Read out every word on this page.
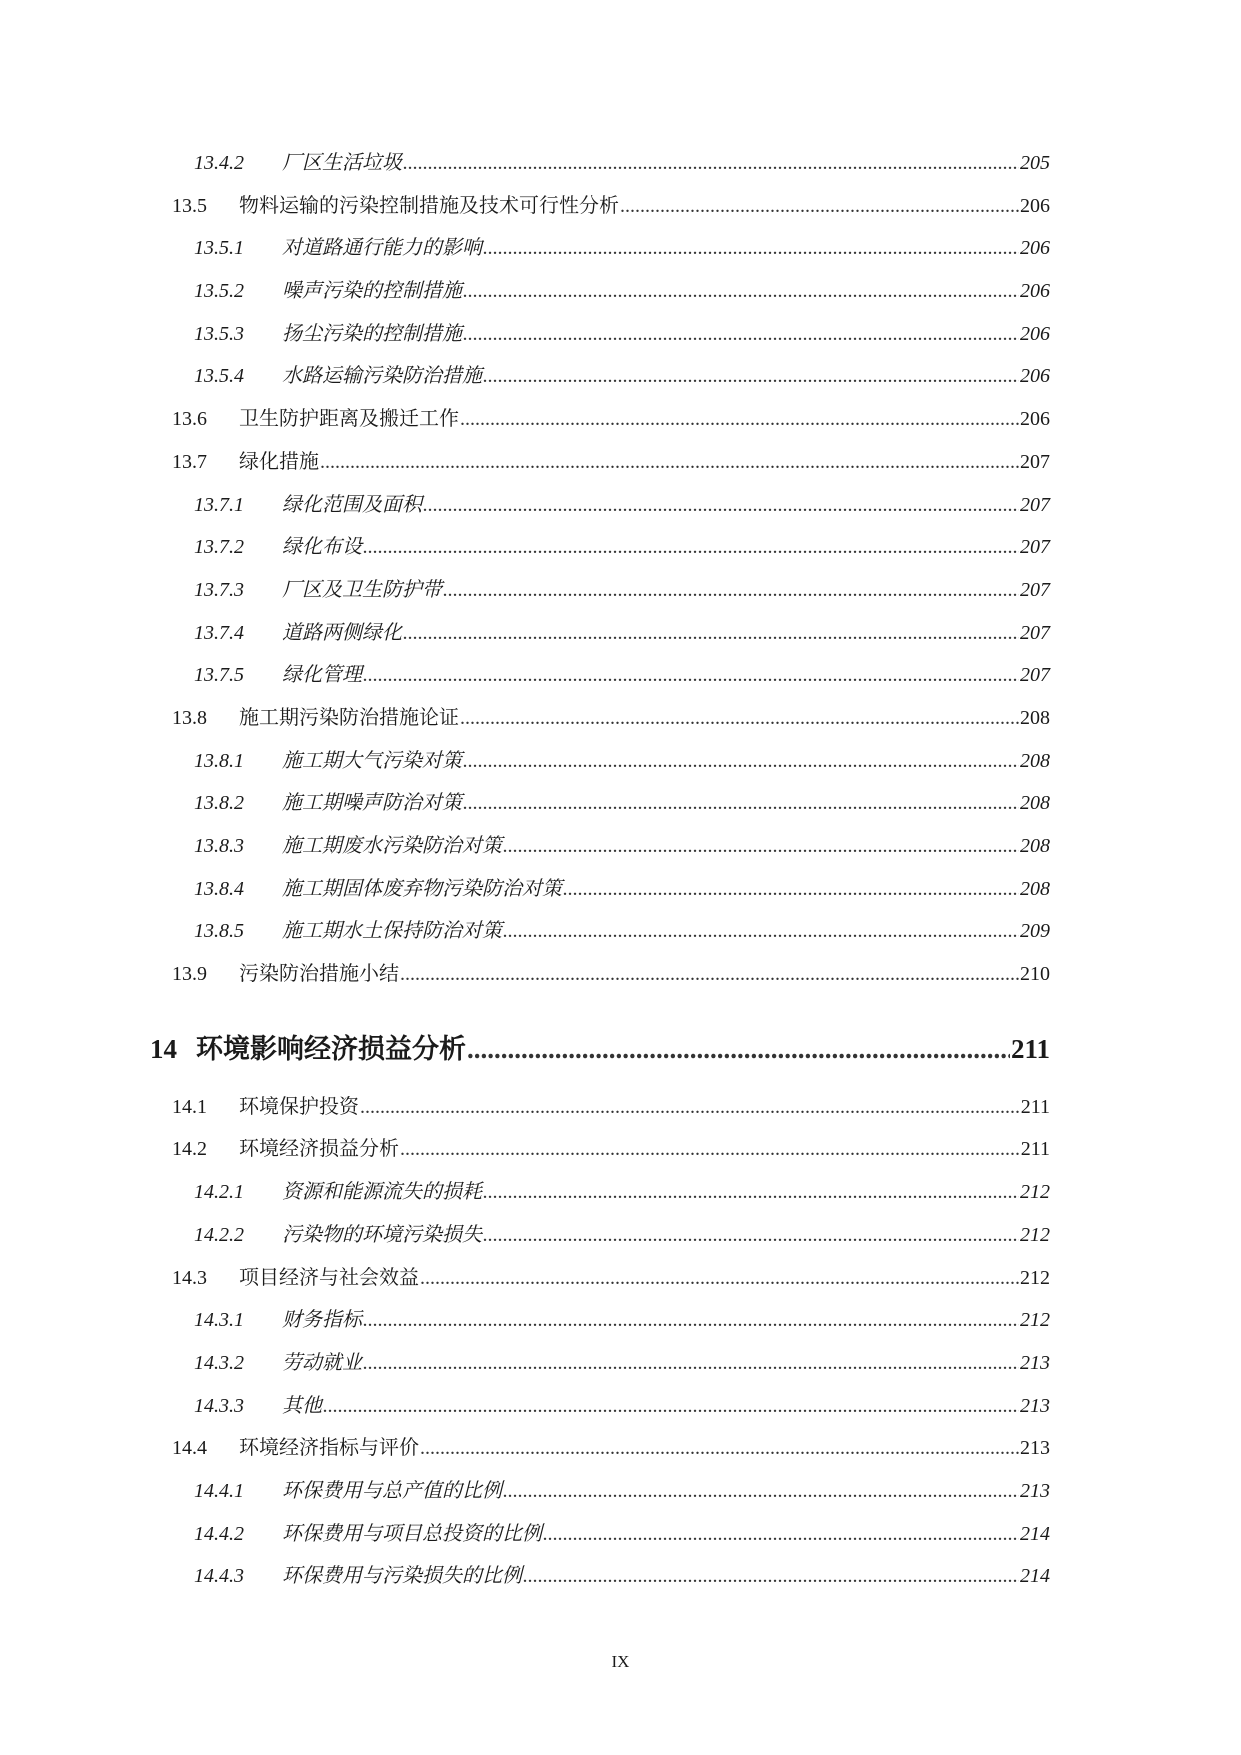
13.4.2	厂区生活垃圾 .....	205
13.5	物料运输的污染控制措施及技术可行性分析 .....	206
13.5.1	对道路通行能力的影响 .....	206
13.5.2	噪声污染的控制措施 .....	206
13.5.3	扬尘污染的控制措施 .....	206
13.5.4	水路运输污染防治措施 .....	206
13.6	卫生防护距离及搬迁工作 .....	206
13.7	绿化措施 .....	207
13.7.1	绿化范围及面积 .....	207
13.7.2	绿化布设 .....	207
13.7.3	厂区及卫生防护带 .....	207
13.7.4	道路两侧绿化 .....	207
13.7.5	绿化管理 .....	207
13.8	施工期污染防治措施论证 .....	208
13.8.1	施工期大气污染对策 .....	208
13.8.2	施工期噪声防治对策 .....	208
13.8.3	施工期废水污染防治对策 .....	208
13.8.4	施工期固体废弃物污染防治对策 .....	208
13.8.5	施工期水土保持防治对策 .....	209
13.9	污染防治措施小结 .....	210
14 环境影响经济损益分析 .....	211
14.1	环境保护投资 .....	211
14.2	环境经济损益分析 .....	211
14.2.1	资源和能源流失的损耗 .....	212
14.2.2	污染物的环境污染损失 .....	212
14.3	项目经济与社会效益 .....	212
14.3.1	财务指标 .....	212
14.3.2	劳动就业 .....	213
14.3.3	其他 .....	213
14.4	环境经济指标与评价 .....	213
14.4.1	环保费用与总产值的比例 .....	213
14.4.2	环保费用与项目总投资的比例 .....	214
14.4.3	环保费用与污染损失的比例 .....	214
IX
